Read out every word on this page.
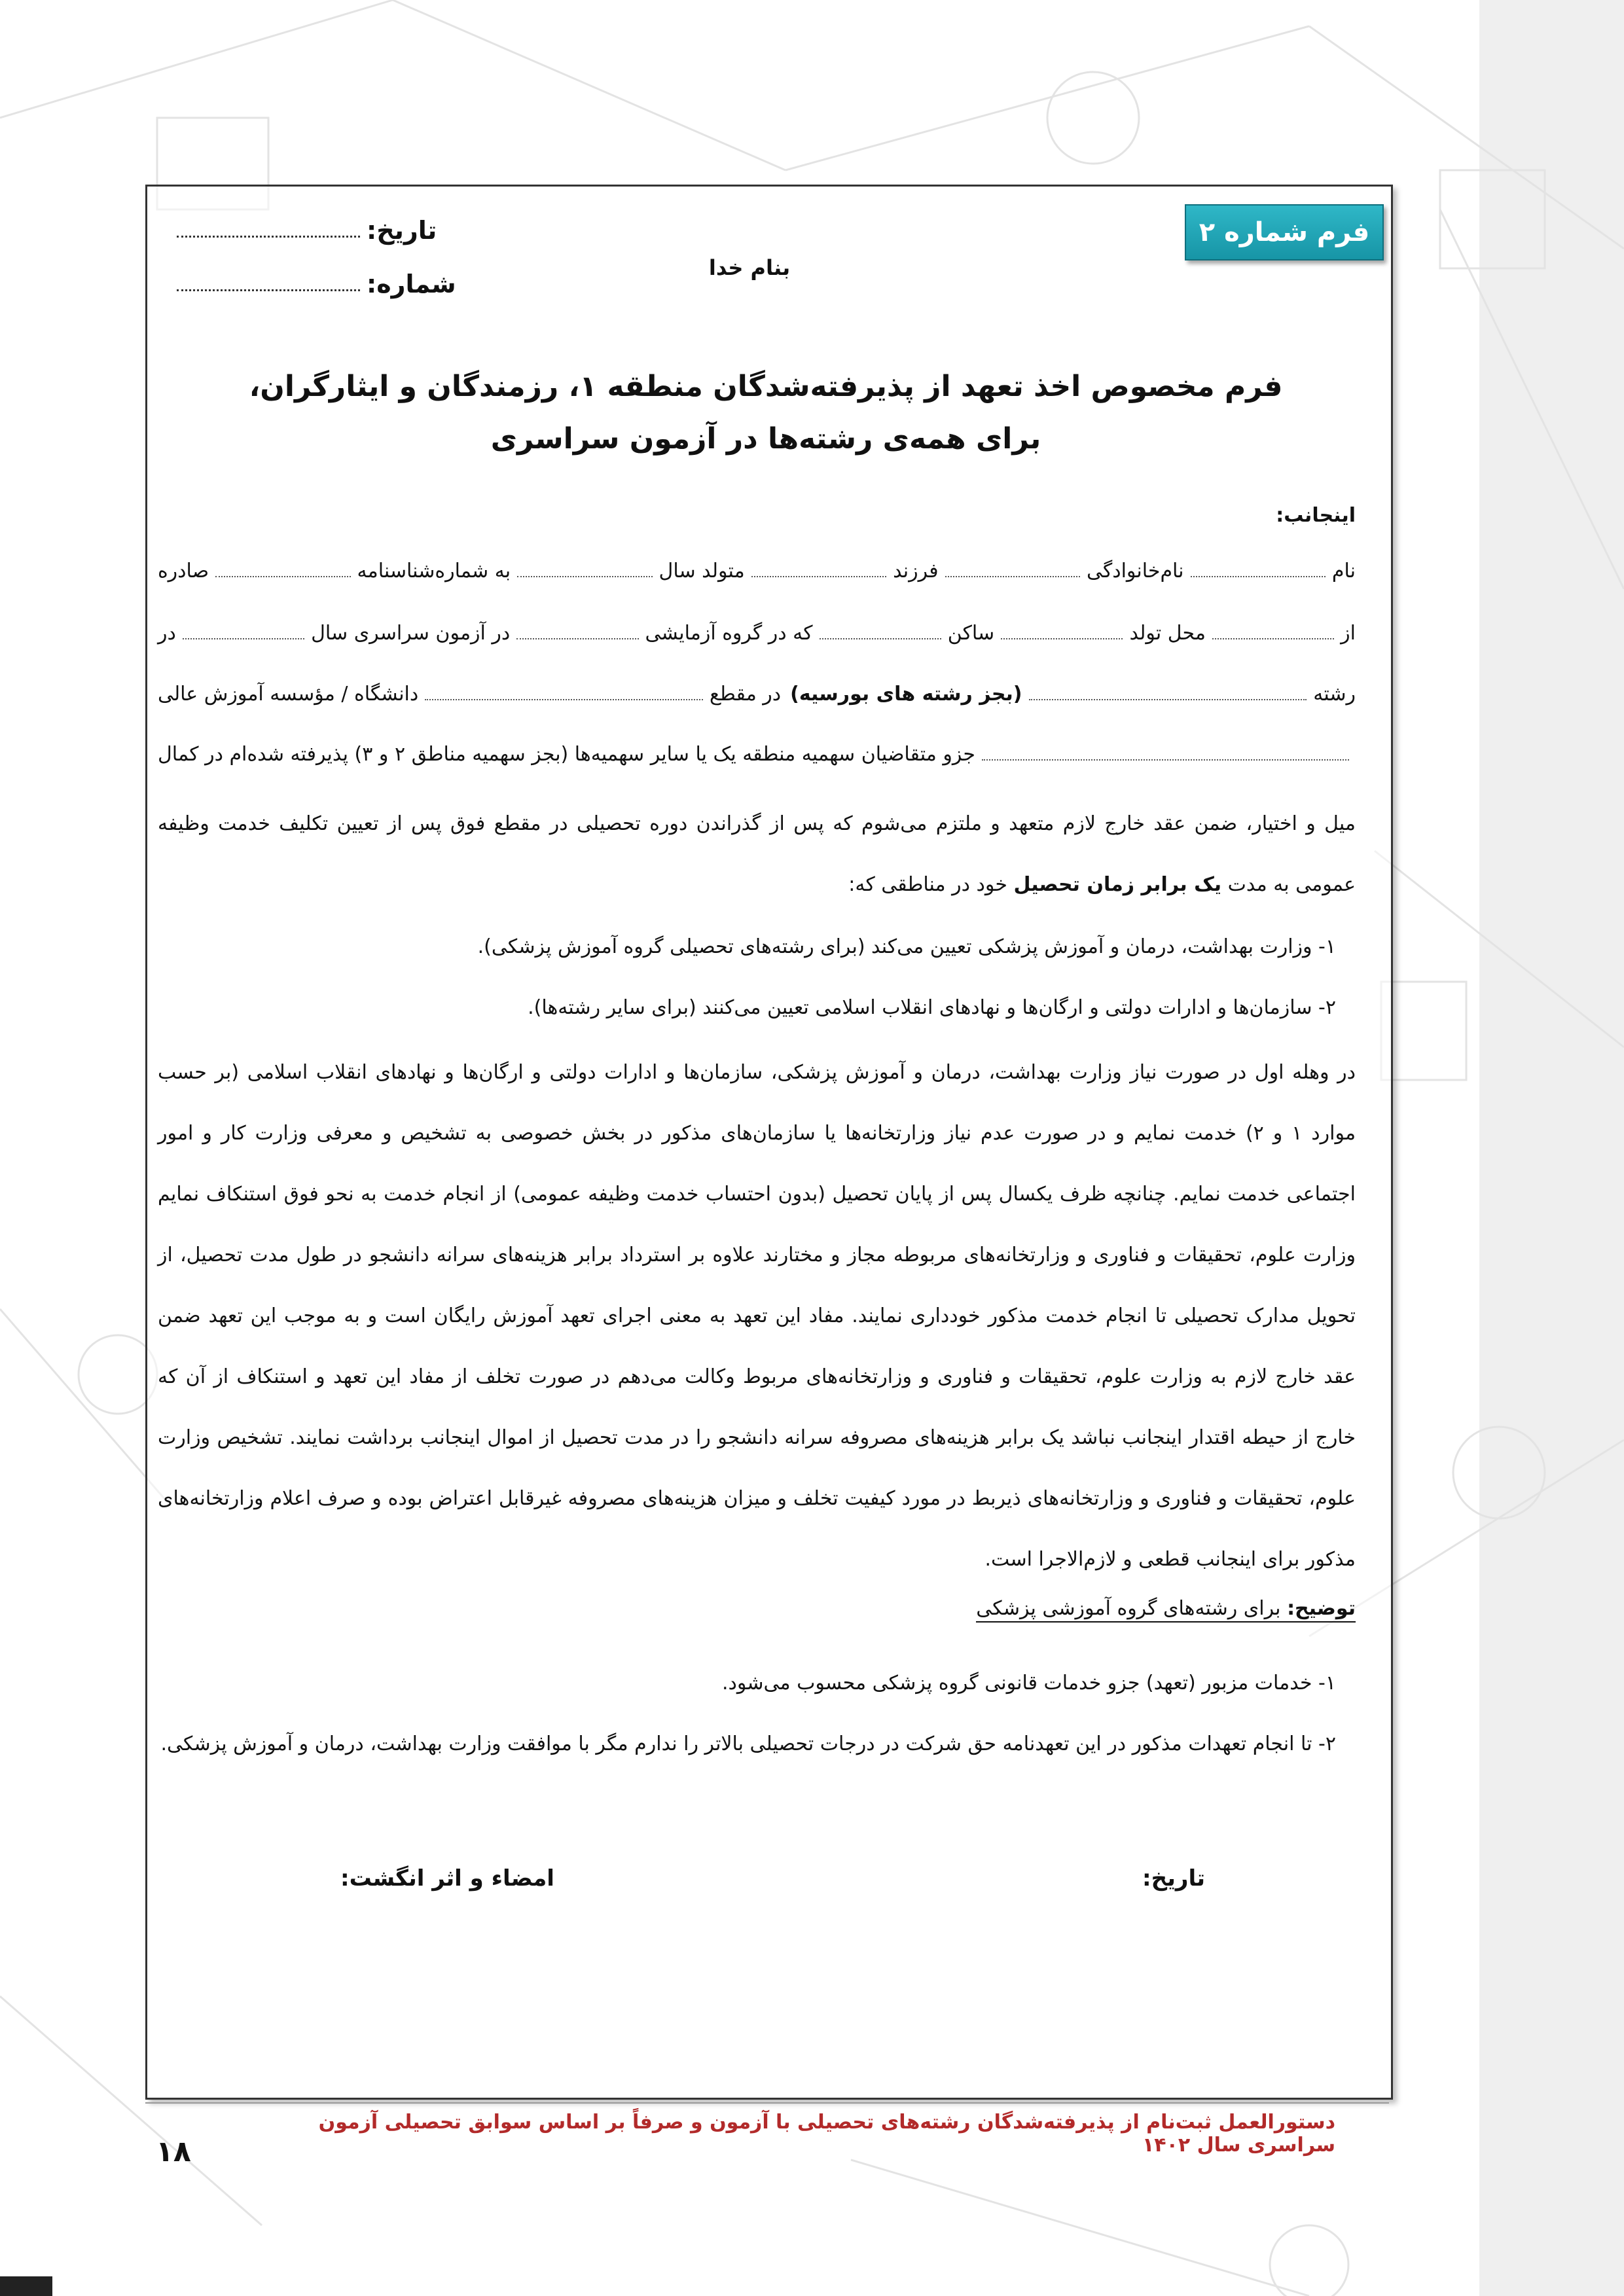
فرم شماره ۲
تاریخ:
شماره:
بنام خدا
فرم مخصوص اخذ تعهد از پذیرفته‌شدگان منطقه ۱، رزمندگان و ایثارگران،
برای همه‌ی رشته‌ها در آزمون سراسری
اینجانب:
نام
نام‌خانوادگی
فرزند
متولد سال
به شماره‌شناسنامه
صادره
از
محل تولد
ساکن
که در گروه آزمایشی
در آزمون سراسری سال
در
رشته
(بجز رشته های بورسیه)
در مقطع
دانشگاه / مؤسسه آموزش عالی
جزو متقاضیان سهمیه منطقه یک یا سایر سهمیه‌ها (بجز سهمیه مناطق ۲ و ۳) پذیرفته شده‌ام در کمال
میل و اختیار، ضمن عقد خارج لازم متعهد و ملتزم می‌شوم که پس از گذراندن دوره تحصیلی در مقطع فوق پس از تعیین تکلیف خدمت وظیفه عمومی به مدت یک برابر زمان تحصیل خود در مناطقی که:
۱- وزارت بهداشت، درمان و آموزش پزشکی تعیین می‌کند (برای رشته‌های تحصیلی گروه آموزش پزشکی).
۲- سازمان‌ها و ادارات دولتی و ارگان‌ها و نهادهای انقلاب اسلامی تعیین می‌کنند (برای سایر رشته‌ها).
در وهله اول در صورت نیاز وزارت بهداشت، درمان و آموزش پزشکی، سازمان‌ها و ادارات دولتی و ارگان‌ها و نهادهای انقلاب اسلامی (بر حسب موارد ۱ و ۲) خدمت نمایم و در صورت عدم نیاز وزارتخانه‌ها یا سازمان‌های مذکور در بخش خصوصی به تشخیص و معرفی وزارت کار و امور اجتماعی خدمت نمایم. چنانچه ظرف یکسال پس از پایان تحصیل (بدون احتساب خدمت وظیفه عمومی) از انجام خدمت به نحو فوق استنکاف نمایم وزارت علوم، تحقیقات و فناوری و وزارتخانه‌های مربوطه مجاز و مختارند علاوه بر استرداد برابر هزینه‌های سرانه دانشجو در طول مدت تحصیل، از تحویل مدارک تحصیلی تا انجام خدمت مذکور خودداری نمایند. مفاد این تعهد به معنی اجرای تعهد آموزش رایگان است و به موجب این تعهد ضمن عقد خارج لازم به وزارت علوم، تحقیقات و فناوری و وزارتخانه‌های مربوط وکالت می‌دهم در صورت تخلف از مفاد این تعهد و استنکاف از آن که خارج از حیطه اقتدار اینجانب نباشد یک برابر هزینه‌های مصروفه سرانه دانشجو را در مدت تحصیل از اموال اینجانب برداشت نمایند. تشخیص وزارت علوم، تحقیقات و فناوری و وزارتخانه‌های ذیربط در مورد کیفیت تخلف و میزان هزینه‌های مصروفه غیرقابل اعتراض بوده و صرف اعلام وزارتخانه‌های مذکور برای اینجانب قطعی و لازم‌الاجرا است.
توضیح: برای رشته‌های گروه آموزشی پزشکی
۱- خدمات مزبور (تعهد) جزو خدمات قانونی گروه پزشکی محسوب می‌شود.
۲- تا انجام تعهدات مذکور در این تعهدنامه حق شرکت در درجات تحصیلی بالاتر را ندارم مگر با موافقت وزارت بهداشت، درمان و آموزش پزشکی.
تاریخ:
امضاء و اثر انگشت:
دستورالعمل ثبت‌نام از پذیرفته‌شدگان رشته‌های تحصیلی با آزمون و صرفاً بر اساس سوابق تحصیلی آزمون سراسری سال ۱۴۰۲
۱۸
